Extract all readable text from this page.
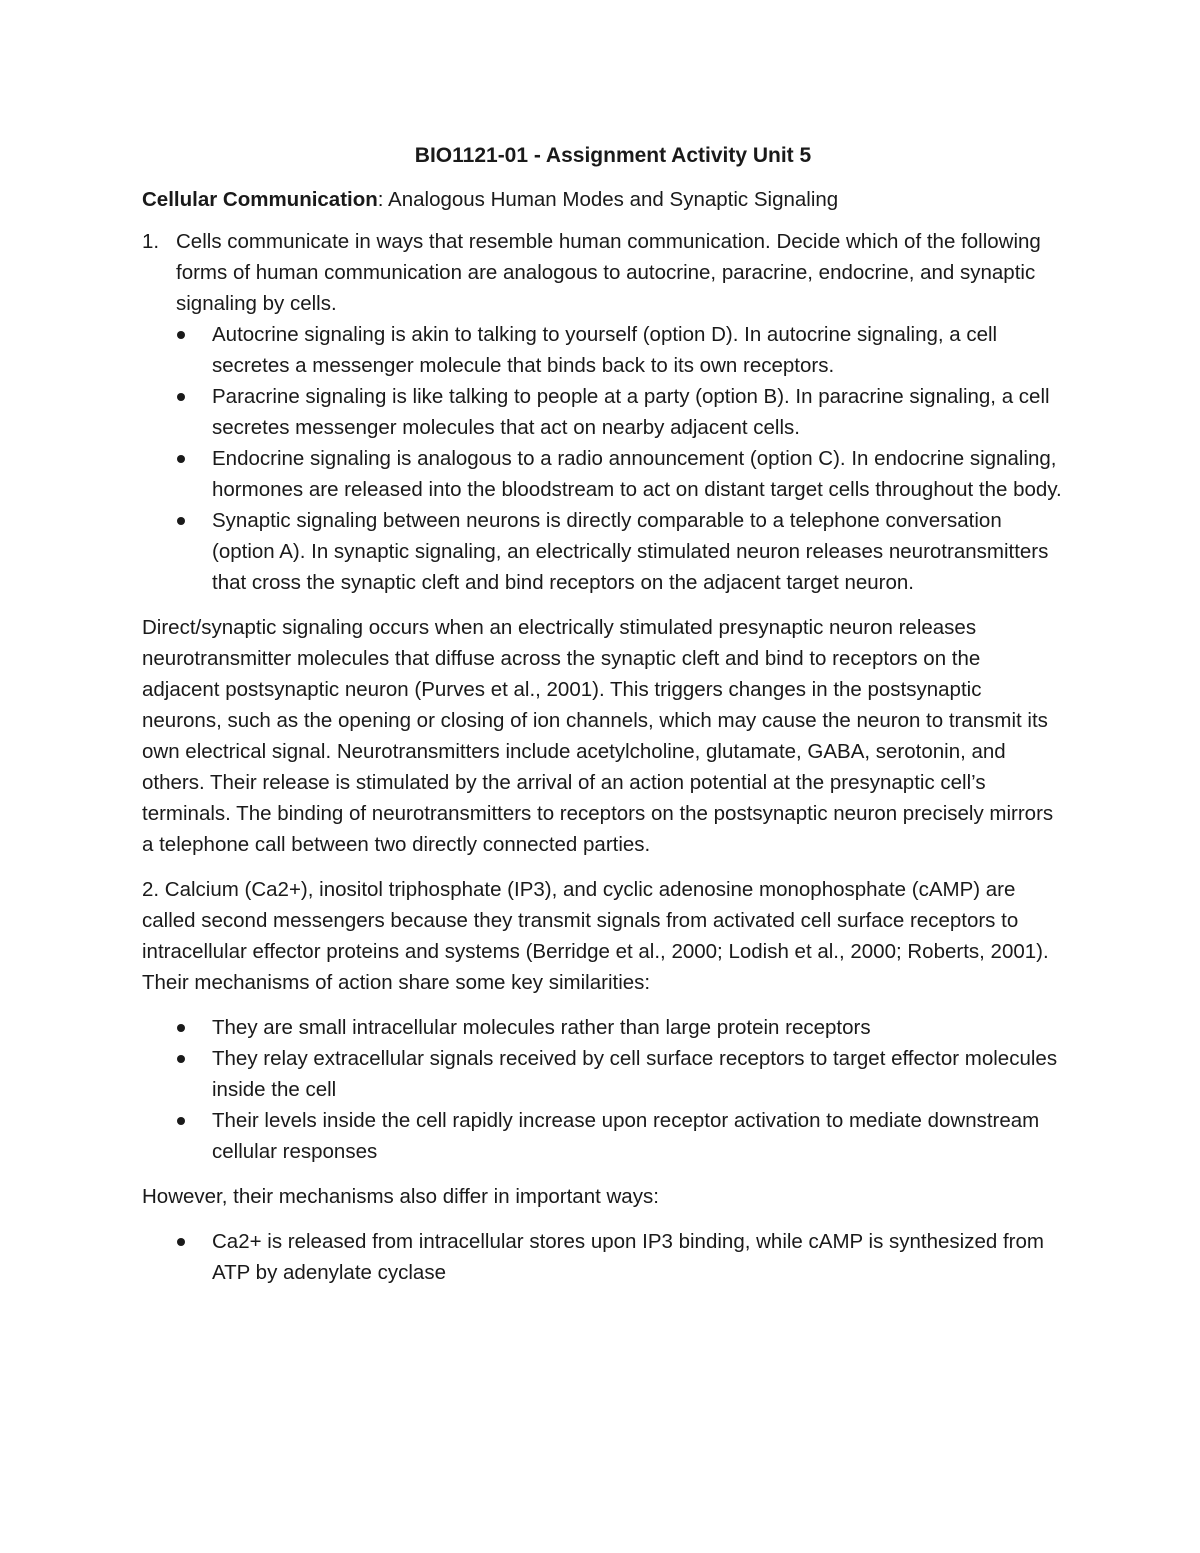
BIO1121-01 - Assignment Activity Unit 5

Cellular Communication: Analogous Human Modes and Synaptic Signaling

1. Cells communicate in ways that resemble human communication. Decide which of the following forms of human communication are analogous to autocrine, paracrine, endocrine, and synaptic signaling by cells.
Autocrine signaling is akin to talking to yourself (option D). In autocrine signaling, a cell secretes a messenger molecule that binds back to its own receptors.
Paracrine signaling is like talking to people at a party (option B). In paracrine signaling, a cell secretes messenger molecules that act on nearby adjacent cells.
Endocrine signaling is analogous to a radio announcement (option C). In endocrine signaling, hormones are released into the bloodstream to act on distant target cells throughout the body.
Synaptic signaling between neurons is directly comparable to a telephone conversation (option A). In synaptic signaling, an electrically stimulated neuron releases neurotransmitters that cross the synaptic cleft and bind receptors on the adjacent target neuron.

Direct/synaptic signaling occurs when an electrically stimulated presynaptic neuron releases neurotransmitter molecules that diffuse across the synaptic cleft and bind to receptors on the adjacent postsynaptic neuron (Purves et al., 2001). This triggers changes in the postsynaptic neurons, such as the opening or closing of ion channels, which may cause the neuron to transmit its own electrical signal. Neurotransmitters include acetylcholine, glutamate, GABA, serotonin, and others. Their release is stimulated by the arrival of an action potential at the presynaptic cell’s terminals. The binding of neurotransmitters to receptors on the postsynaptic neuron precisely mirrors a telephone call between two directly connected parties.

2. Calcium (Ca2+), inositol triphosphate (IP3), and cyclic adenosine monophosphate (cAMP) are called second messengers because they transmit signals from activated cell surface receptors to intracellular effector proteins and systems (Berridge et al., 2000; Lodish et al., 2000; Roberts, 2001). Their mechanisms of action share some key similarities:

They are small intracellular molecules rather than large protein receptors
They relay extracellular signals received by cell surface receptors to target effector molecules inside the cell
Their levels inside the cell rapidly increase upon receptor activation to mediate downstream cellular responses

However, their mechanisms also differ in important ways:

Ca2+ is released from intracellular stores upon IP3 binding, while cAMP is synthesized from ATP by adenylate cyclase
